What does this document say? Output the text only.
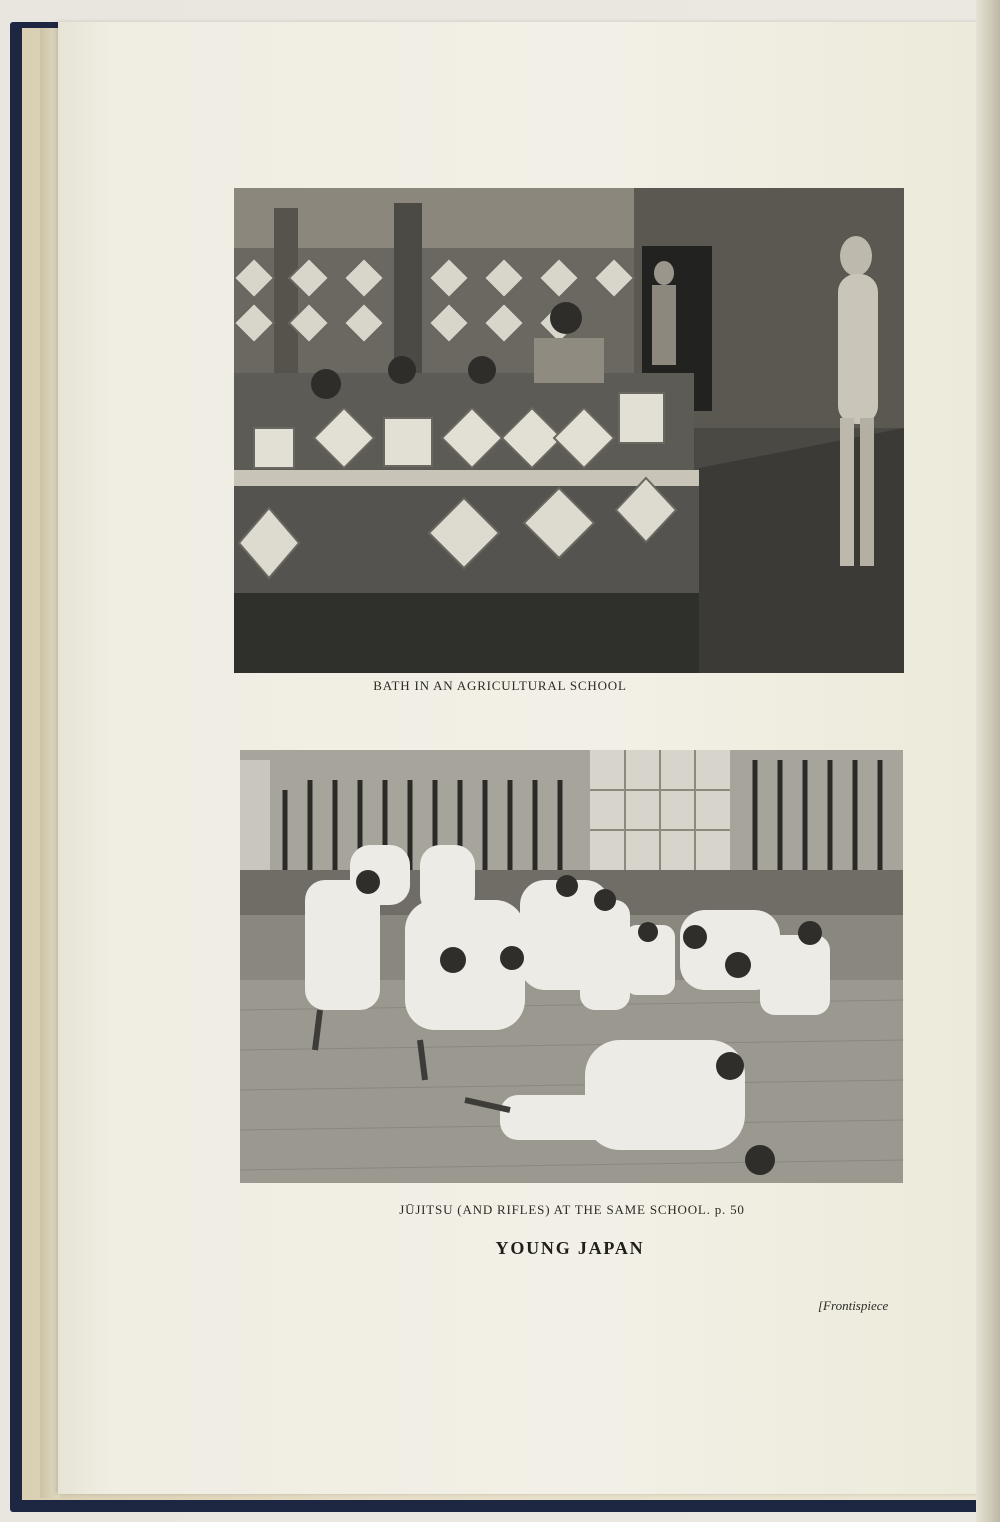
BATH IN AN AGRICULTURAL SCHOOL
JŪJITSU (AND RIFLES) AT THE SAME SCHOOL. p. 50
YOUNG JAPAN
[Frontispiece
